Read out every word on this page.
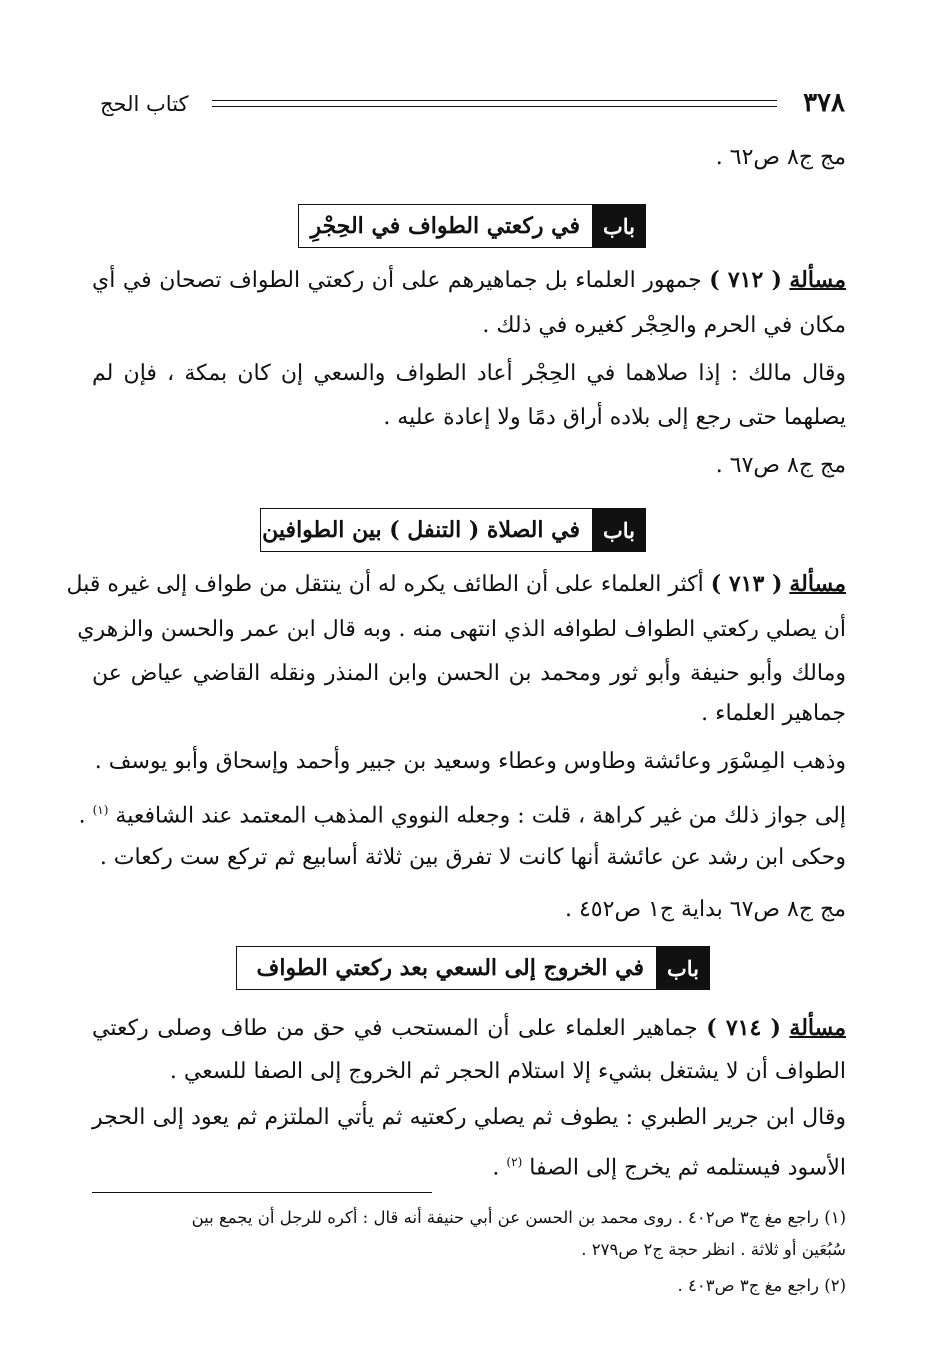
٣٧٨
كتاب الحج
مج ج٨ ص٦٢ .
باب
في ركعتي الطواف في الحِجْرِ
مسألة ( ٧١٢ ) جمهور العلماء بل جماهيرهم على أن ركعتي الطواف تصحان في أي
مكان في الحرم والحِجْر كغيره في ذلك .
وقال مالك : إذا صلاهما في الحِجْر أعاد الطواف والسعي إن كان بمكة ، فإن لم
يصلهما حتى رجع إلى بلاده أراق دمًا ولا إعادة عليه .
مج ج٨ ص٦٧ .
باب
في الصلاة ( التنفل ) بين الطوافين
مسألة ( ٧١٣ ) أكثر العلماء على أن الطائف يكره له أن ينتقل من طواف إلى غيره قبل
أن يصلي ركعتي الطواف لطوافه الذي انتهى منه . وبه قال ابن عمر والحسن والزهري
ومالك وأبو حنيفة وأبو ثور ومحمد بن الحسن وابن المنذر ونقله القاضي عياض عن
جماهير العلماء .
وذهب المِسْوَر وعائشة وطاوس وعطاء وسعيد بن جبير وأحمد وإسحاق وأبو يوسف .
إلى جواز ذلك من غير كراهة ، قلت : وجعله النووي المذهب المعتمد عند الشافعية $^{(١)}$ .
وحكى ابن رشد عن عائشة أنها كانت لا تفرق بين ثلاثة أسابيع ثم تركع ست ركعات .
مج ج٨ ص٦٧ بداية ج١ ص٤٥٢ .
باب
في الخروج إلى السعي بعد ركعتي الطواف
مسألة ( ٧١٤ ) جماهير العلماء على أن المستحب في حق من طاف وصلى ركعتي
الطواف أن لا يشتغل بشيء إلا استلام الحجر ثم الخروج إلى الصفا للسعي .
وقال ابن جرير الطبري : يطوف ثم يصلي ركعتيه ثم يأتي الملتزم ثم يعود إلى الحجر
الأسود فيستلمه ثم يخرج إلى الصفا $^{(٢)}$ .
(١) راجع مغ ج٣ ص٤٠٢ . روى محمد بن الحسن عن أبي حنيفة أنه قال : أكره للرجل أن يجمع بين
سُبُعَين أو ثلاثة . انظر حجة ج٢ ص٢٧٩ .
(٢) راجع مغ ج٣ ص٤٠٣ .
